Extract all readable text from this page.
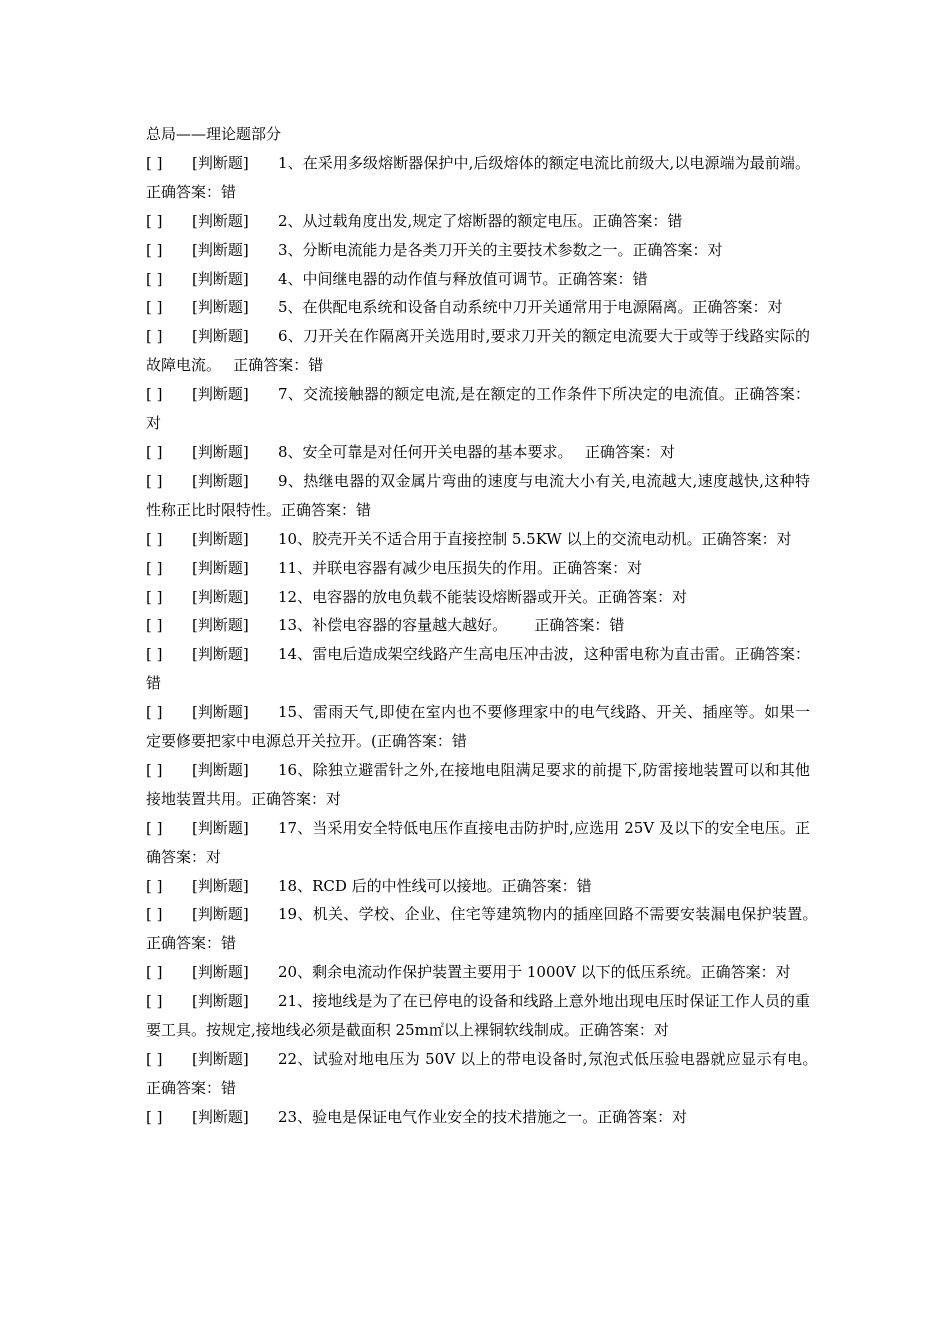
总局——理论题部分
[ ] [判断题] 1、在采用多级熔断器保护中,后级熔体的额定电流比前级大,以电源端为最前端。正确答案：错
[ ] [判断题] 2、从过载角度出发,规定了熔断器的额定电压。正确答案：错
[ ] [判断题] 3、分断电流能力是各类刀开关的主要技术参数之一。正确答案：对
[ ] [判断题] 4、中间继电器的动作值与释放值可调节。正确答案：错
[ ] [判断题] 5、在供配电系统和设备自动系统中刀开关通常用于电源隔离。正确答案：对
[ ] [判断题] 6、刀开关在作隔离开关选用时,要求刀开关的额定电流要大于或等于线路实际的故障电流。　 正确答案：错
[ ] [判断题] 7、交流接触器的额定电流,是在额定的工作条件下所决定的电流值。正确答案：对
[ ] [判断题] 8、安全可靠是对任何开关电器的基本要求。　 正确答案：对
[ ] [判断题] 9、热继电器的双金属片弯曲的速度与电流大小有关,电流越大,速度越快,这种特性称正比时限特性。正确答案：错
[ ] [判断题] 10、胶壳开关不适合用于直接控制 5.5KW 以上的交流电动机。正确答案：对
[ ] [判断题] 11、并联电容器有减少电压损失的作用。正确答案：对
[ ] [判断题] 12、电容器的放电负载不能装设熔断器或开关。正确答案：对
[ ] [判断题] 13、补偿电容器的容量越大越好。　　 正确答案：错
[ ] [判断题] 14、雷电后造成架空线路产生高电压冲击波，这种雷电称为直击雷。正确答案：错
[ ] [判断题] 15、雷雨天气,即使在室内也不要修理家中的电气线路、开关、插座等。如果一定要修要把家中电源总开关拉开。(正确答案：错
[ ] [判断题] 16、除独立避雷针之外,在接地电阻满足要求的前提下,防雷接地装置可以和其他接地装置共用。正确答案：对
[ ] [判断题] 17、当采用安全特低电压作直接电击防护时,应选用 25V 及以下的安全电压。正确答案：对
[ ] [判断题] 18、RCD 后的中性线可以接地。正确答案：错
[ ] [判断题] 19、机关、学校、企业、住宅等建筑物内的插座回路不需要安装漏电保护装置。　 正确答案：错
[ ] [判断题] 20、剩余电流动作保护装置主要用于 1000V 以下的低压系统。正确答案：对
[ ] [判断题] 21、接地线是为了在已停电的设备和线路上意外地出现电压时保证工作人员的重要工具。按规定,接地线必须是截面积 25m㎡以上裸铜软线制成。正确答案：对
[ ] [判断题] 22、试验对地电压为 50V 以上的带电设备时,氖泡式低压验电器就应显示有电。　 正确答案：错
[ ] [判断题] 23、验电是保证电气作业安全的技术措施之一。正确答案：对
